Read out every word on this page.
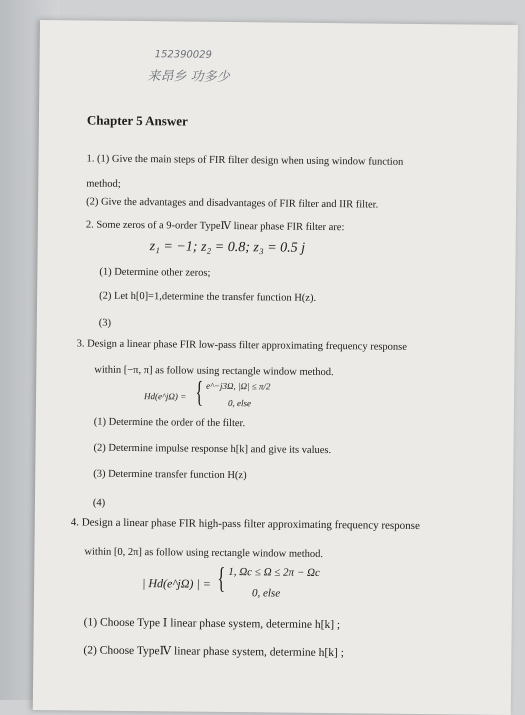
152390029
来昂乡 功多少
Chapter 5 Answer
1. (1) Give the main steps of FIR filter design when using window function
method;
(2) Give the advantages and disadvantages of FIR filter and IIR filter.
2. Some zeros of a 9-order TypeⅣ linear phase FIR filter are:
z₁ = −1; z₂ = 0.8; z₃ = 0.5 j
(1) Determine other zeros;
(2) Let h[0]=1,determine the transfer function H(z).
(3)
3. Design a linear phase FIR low-pass filter approximating frequency response
within [−π, π] as follow using rectangle window method.
Hd(e^jΩ) = { e^−j3Ω, |Ω| ≤ π/2
0, else
(1) Determine the order of the filter.
(2) Determine impulse response h[k] and give its values.
(3) Determine transfer function H(z)
(4)
4. Design a linear phase FIR high-pass filter approximating frequency response
within [0, 2π] as follow using rectangle window method.
| Hd(e^jΩ) | = { 1, Ωc ≤ Ω ≤ 2π − Ωc
0, else
(1) Choose Type Ⅰ linear phase system, determine h[k] ;
(2) Choose TypeⅣ linear phase system, determine h[k] ;
